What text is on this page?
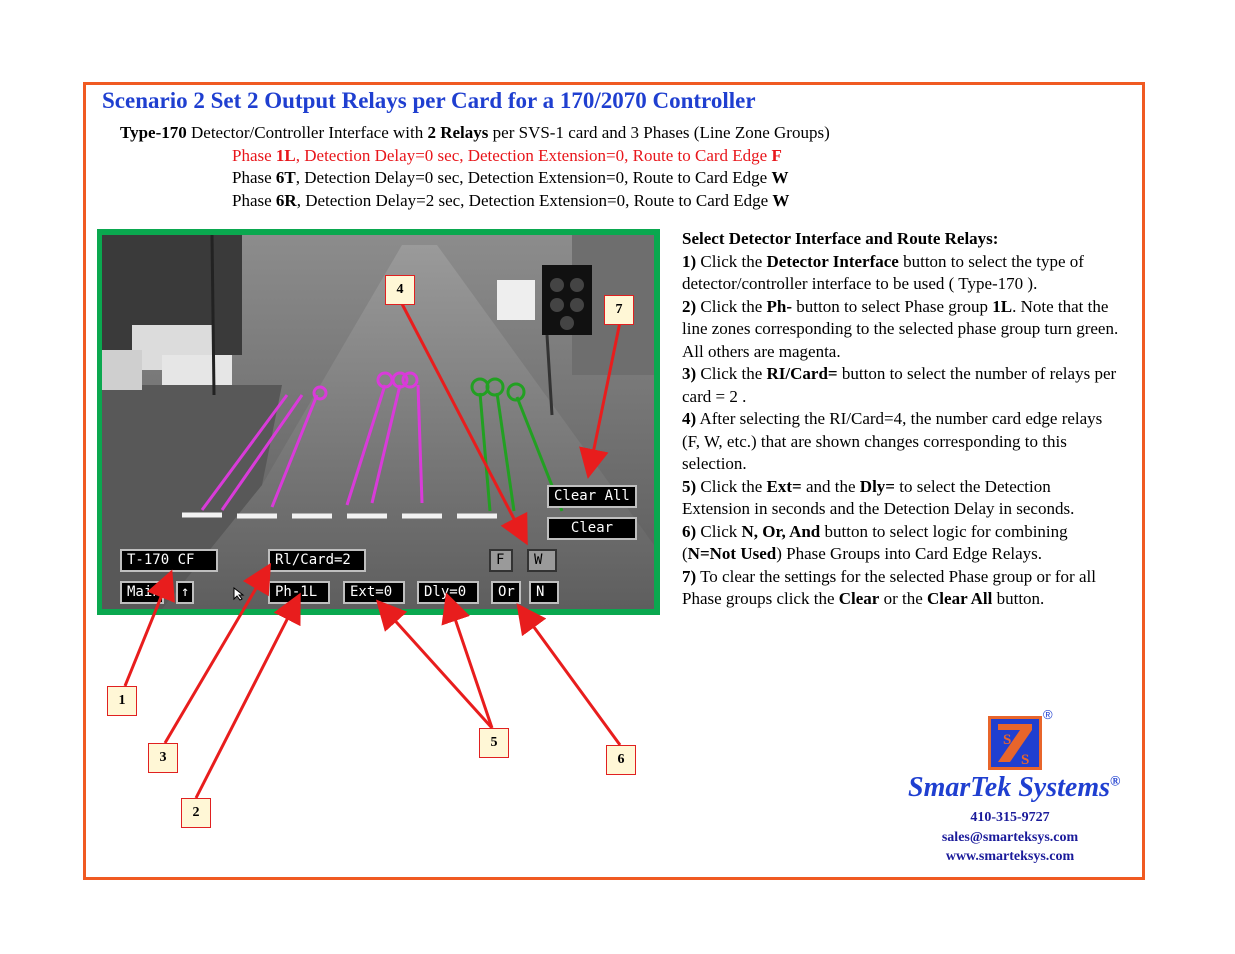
Scenario 2 Set 2 Output Relays per Card for a 170/2070 Controller
Type-170 Detector/Controller Interface with 2 Relays per SVS-1 card and 3 Phases (Line Zone Groups)
Phase 1L, Detection Delay=0 sec, Detection Extension=0, Route to Card Edge F
Phase 6T, Detection Delay=0 sec, Detection Extension=0, Route to Card Edge W
Phase 6R, Detection Delay=2 sec, Detection Extension=0, Route to Card Edge W
T-170 CF	Rl/Card=2	F	W
Clear All
Clear
Main	↑	Ph-1L	Ext=0	Dly=0	Or	N
1
2
3
4
5
6
7

Select Detector Interface and Route Relays:

1) Click the Detector Interface button to select the type of detector/controller interface to be used ( Type-170 ).

2) Click the Ph- button to select Phase group 1L. Note that the line zones corresponding to the selected phase group turn green. All others are magenta.

3) Click the RI/Card= button to select the number of relays per card = 2 .

4) After selecting the RI/Card=4, the number card edge relays (F, W, etc.) that are shown changes corresponding to this selection.

5) Click the Ext= and the Dly= to select the Detection Extension in seconds and the Detection Delay in seconds.

6) Click N, Or, And button to select logic for combining (N=Not Used) Phase Groups into Card Edge Relays.

7) To clear the settings for the selected Phase group or for all Phase groups click the Clear or the Clear All button.

S
S
®
SmarTek Systems®
410-315-9727
sales@smarteksys.com
www.smarteksys.com
